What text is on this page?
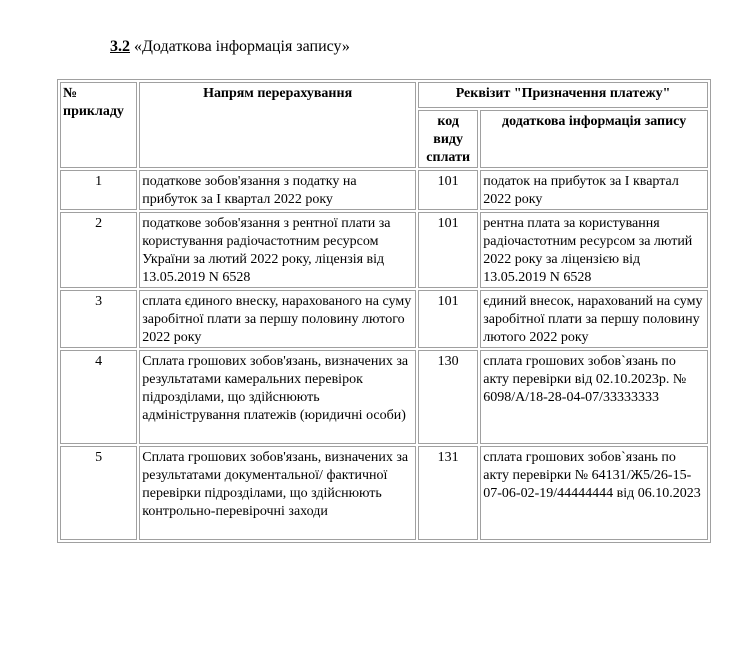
3.2 «Додаткова інформація запису»
№ прикладу	Напрям перерахування	Реквізит "Призначення платежу"	
		код виду сплати	додаткова інформація запису
1	податкове зобов'язання з податку на прибуток за I квартал 2022 року	101	податок на прибуток за I квартал 2022 року
2	податкове зобов'язання з рентної плати за користування радіочастотним ресурсом України за лютий 2022 року, ліцензія від 13.05.2019 N 6528	101	рентна плата за користування радіочастотним ресурсом за лютий 2022 року за ліцензією від 13.05.2019 N 6528
3	сплата єдиного внеску, нарахованого на суму заробітної плати за першу половину лютого 2022 року	101	єдиний внесок, нарахований на суму заробітної плати за першу половину лютого 2022 року
4	Сплата грошових зобов'язань, визначених за результатами камеральних перевірок підрозділами, що здійснюють адміністрування платежів (юридичні особи)	130	сплата грошових зобов`язань по акту перевірки від 02.10.2023р. № 6098/А/18-28-04-07/33333333
5	Сплата грошових зобов'язань, визначених за результатами документальної/ фактичної перевірки підрозділами, що здійснюють контрольно-перевірочні заходи	131	сплата грошових зобов`язань по акту перевірки № 64131/Ж5/26-15-07-06-02-19/44444444 від 06.10.2023
